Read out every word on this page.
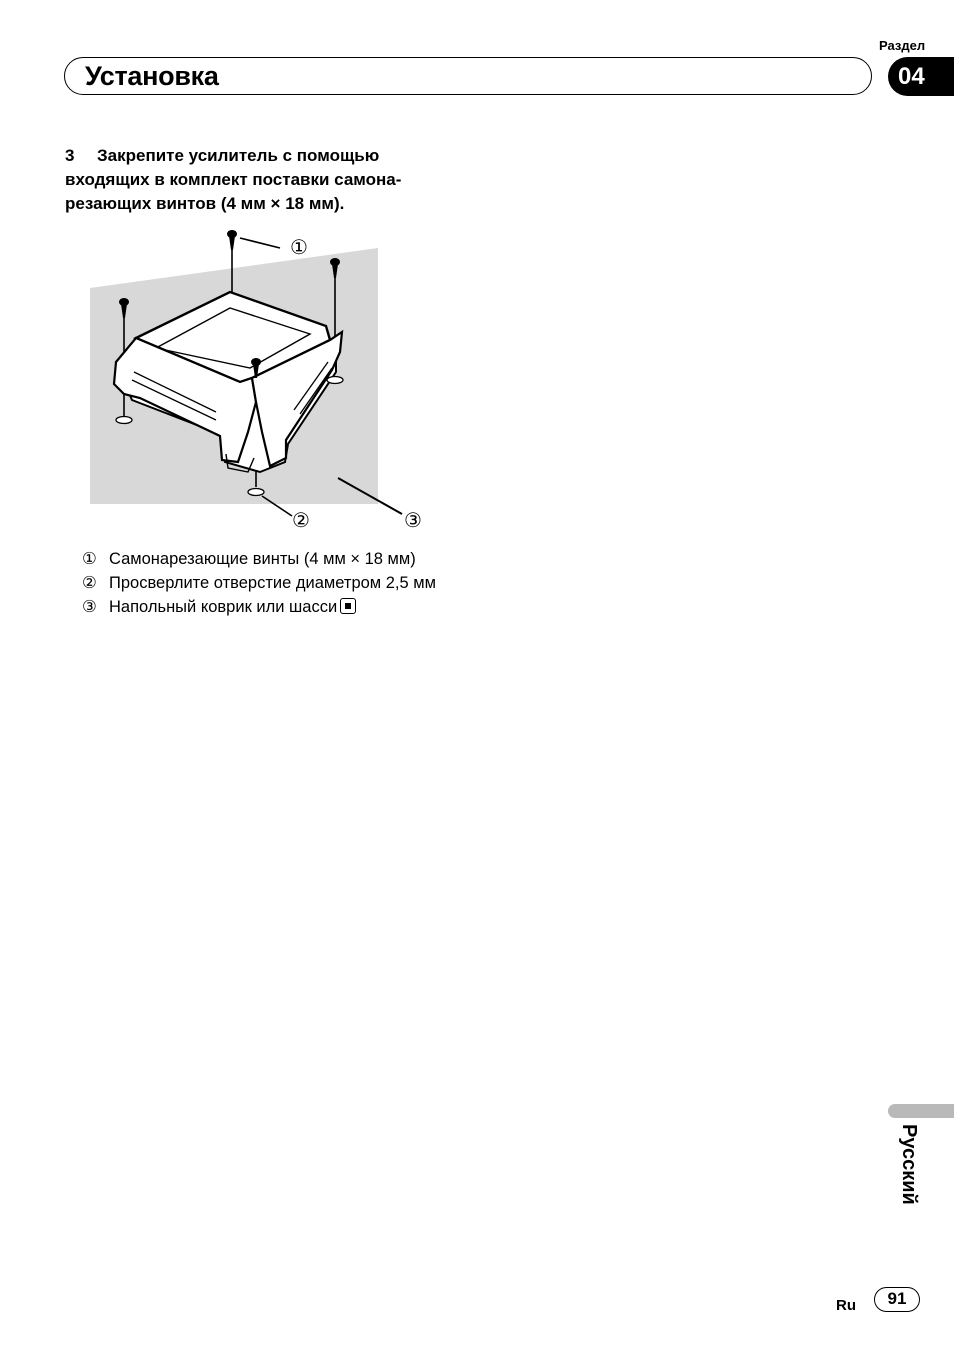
Раздел
Установка	04
3 Закрепите усилитель с помощью входящих в комплект поставки самона-резающих винтов (4 мм × 18 мм).
①
②	③
① Самонарезающие винты (4 мм × 18 мм)
② Просверлите отверстие диаметром 2,5 мм
③ Напольный коврик или шасси
Русский
Ru	91
